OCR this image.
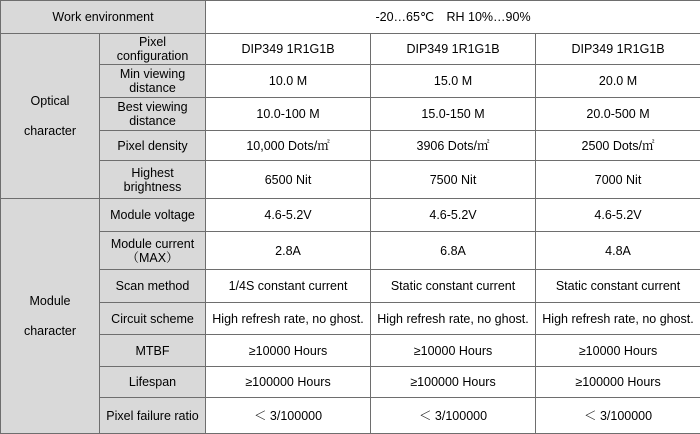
Work environment		-20…65℃　RH 10%…90%		

Optical
character	Pixel configuration	DIP349 1R1G1B	DIP349 1R1G1B	DIP349 1R1G1B
	Min viewing distance	10.0 M	15.0 M	20.0 M
	Best viewing distance	10.0-100 M	15.0-150 M	20.0-500 M
	Pixel density	10,000 Dots/㎡	3906 Dots/㎡	2500 Dots/㎡
	Highest brightness	6500 Nit	7500 Nit	7000 Nit

Module
character	Module voltage	4.6-5.2V	4.6-5.2V	4.6-5.2V
	Module current（MAX）	2.8A	6.8A	4.8A
	Scan method	1/4S constant current	Static constant current	Static constant current
	Circuit scheme	High refresh rate, no ghost.	High refresh rate, no ghost.	High refresh rate, no ghost.
	MTBF	≥10000 Hours	≥10000 Hours	≥10000 Hours
	Lifespan	≥100000 Hours	≥100000 Hours	≥100000 Hours
	Pixel failure ratio	＜ 3/100000	＜ 3/100000	＜ 3/100000
